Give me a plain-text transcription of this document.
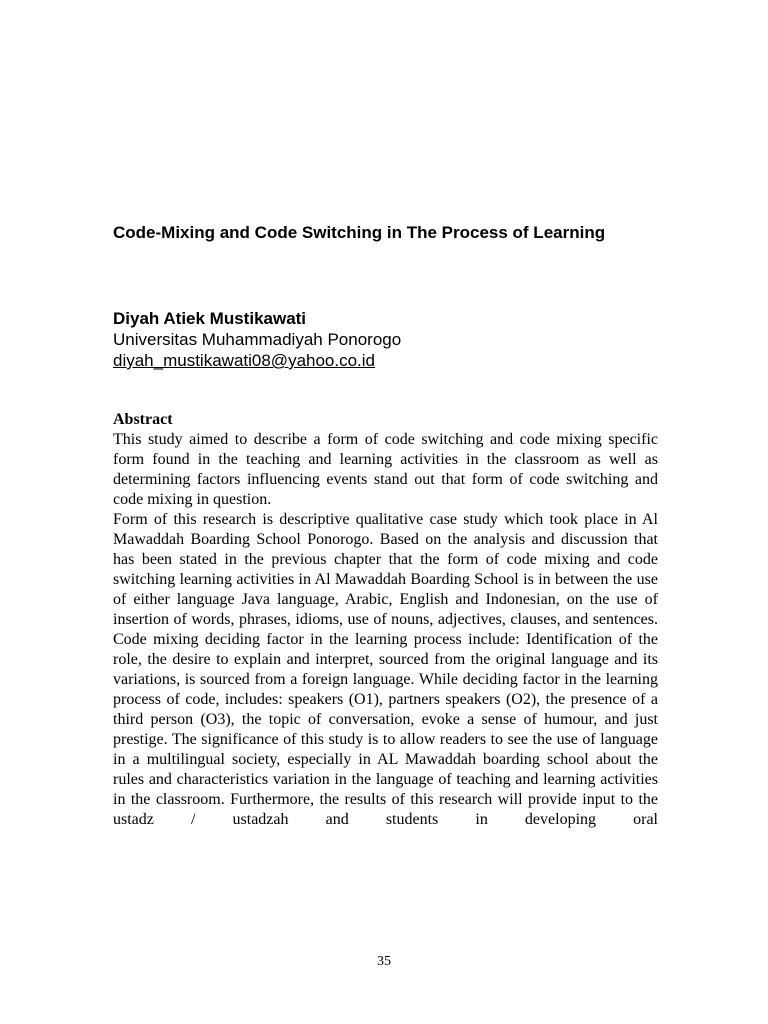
Code-Mixing and Code Switching in The Process of Learning
Diyah Atiek Mustikawati
Universitas Muhammadiyah Ponorogo
diyah_mustikawati08@yahoo.co.id
Abstract

This study aimed to describe a form of code switching and code mixing specific form found in the teaching and learning activities in the classroom as well as determining factors influencing events stand out that form of code switching and code mixing in question.

Form of this research is descriptive qualitative case study which took place in Al Mawaddah Boarding School Ponorogo. Based on the analysis and discussion that has been stated in the previous chapter that the form of code mixing and code switching learning activities in Al Mawaddah Boarding School is in between the use of either language Java language, Arabic, English and Indonesian, on the use of insertion of words, phrases, idioms, use of nouns, adjectives, clauses, and sentences. Code mixing deciding factor in the learning process include: Identification of the role, the desire to explain and interpret, sourced from the original language and its variations, is sourced from a foreign language. While deciding factor in the learning process of code, includes: speakers (O1), partners speakers (O2), the presence of a third person (O3), the topic of conversation, evoke a sense of humour, and just prestige. The significance of this study is to allow readers to see the use of language in a multilingual society, especially in AL Mawaddah boarding school about the rules and characteristics variation in the language of teaching and learning activities in the classroom. Furthermore, the results of this research will provide input to the ustadz / ustadzah and students in developing oral

35
